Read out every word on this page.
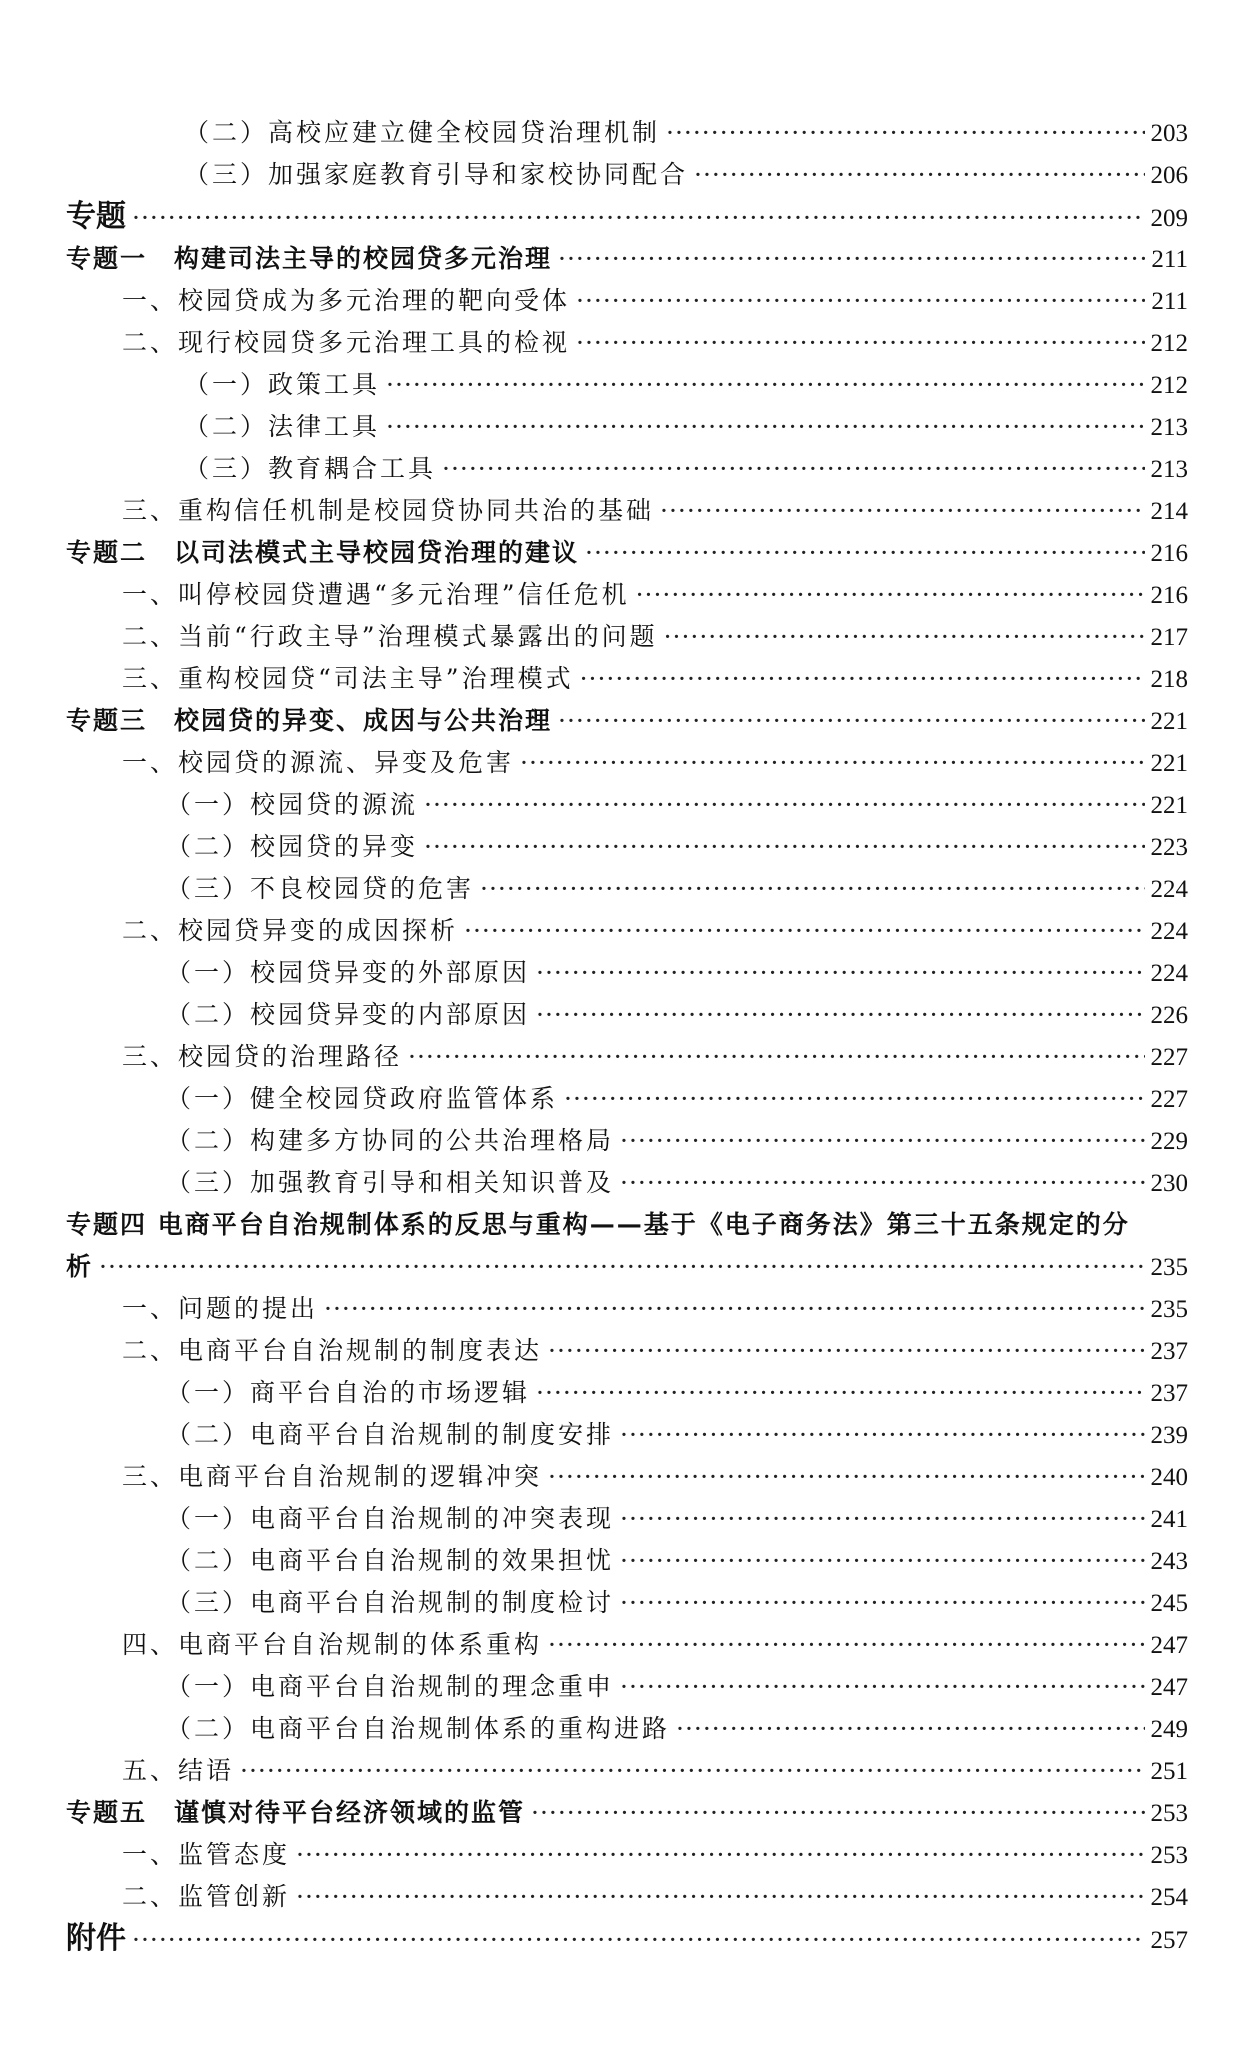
（二）高校应建立健全校园贷治理机制 ·····	203
（三）加强家庭教育引导和家校协同配合 ·····	206
专题 ·····	209
专题一　构建司法主导的校园贷多元治理 ·····	211
一、校园贷成为多元治理的靶向受体 ·····	211
二、现行校园贷多元治理工具的检视 ·····	212
（一）政策工具 ·····	212
（二）法律工具 ·····	213
（三）教育耦合工具 ·····	213
三、重构信任机制是校园贷协同共治的基础 ·····	214
专题二　以司法模式主导校园贷治理的建议 ·····	216
一、叫停校园贷遭遇“多元治理”信任危机 ·····	216
二、当前“行政主导”治理模式暴露出的问题 ·····	217
三、重构校园贷“司法主导”治理模式 ·····	218
专题三　校园贷的异变、成因与公共治理 ·····	221
一、校园贷的源流、异变及危害 ·····	221
（一）校园贷的源流 ·····	221
（二）校园贷的异变 ·····	223
（三）不良校园贷的危害 ·····	224
二、校园贷异变的成因探析 ·····	224
（一）校园贷异变的外部原因 ·····	224
（二）校园贷异变的内部原因 ·····	226
三、校园贷的治理路径 ·····	227
（一）健全校园贷政府监管体系 ·····	227
（二）构建多方协同的公共治理格局 ·····	229
（三）加强教育引导和相关知识普及 ·····	230
专题四 电商平台自治规制体系的反思与重构——基于《电子商务法》第三十五条规定的分
析 ·····	235
一、问题的提出 ·····	235
二、电商平台自治规制的制度表达 ·····	237
（一）商平台自治的市场逻辑 ·····	237
（二）电商平台自治规制的制度安排 ·····	239
三、电商平台自治规制的逻辑冲突 ·····	240
（一）电商平台自治规制的冲突表现 ·····	241
（二）电商平台自治规制的效果担忧 ·····	243
（三）电商平台自治规制的制度检讨 ·····	245
四、电商平台自治规制的体系重构 ·····	247
（一）电商平台自治规制的理念重申 ·····	247
（二）电商平台自治规制体系的重构进路 ·····	249
五、结语 ·····	251
专题五　谨慎对待平台经济领域的监管 ·····	253
一、监管态度 ·····	253
二、监管创新 ·····	254
附件 ·····	257
